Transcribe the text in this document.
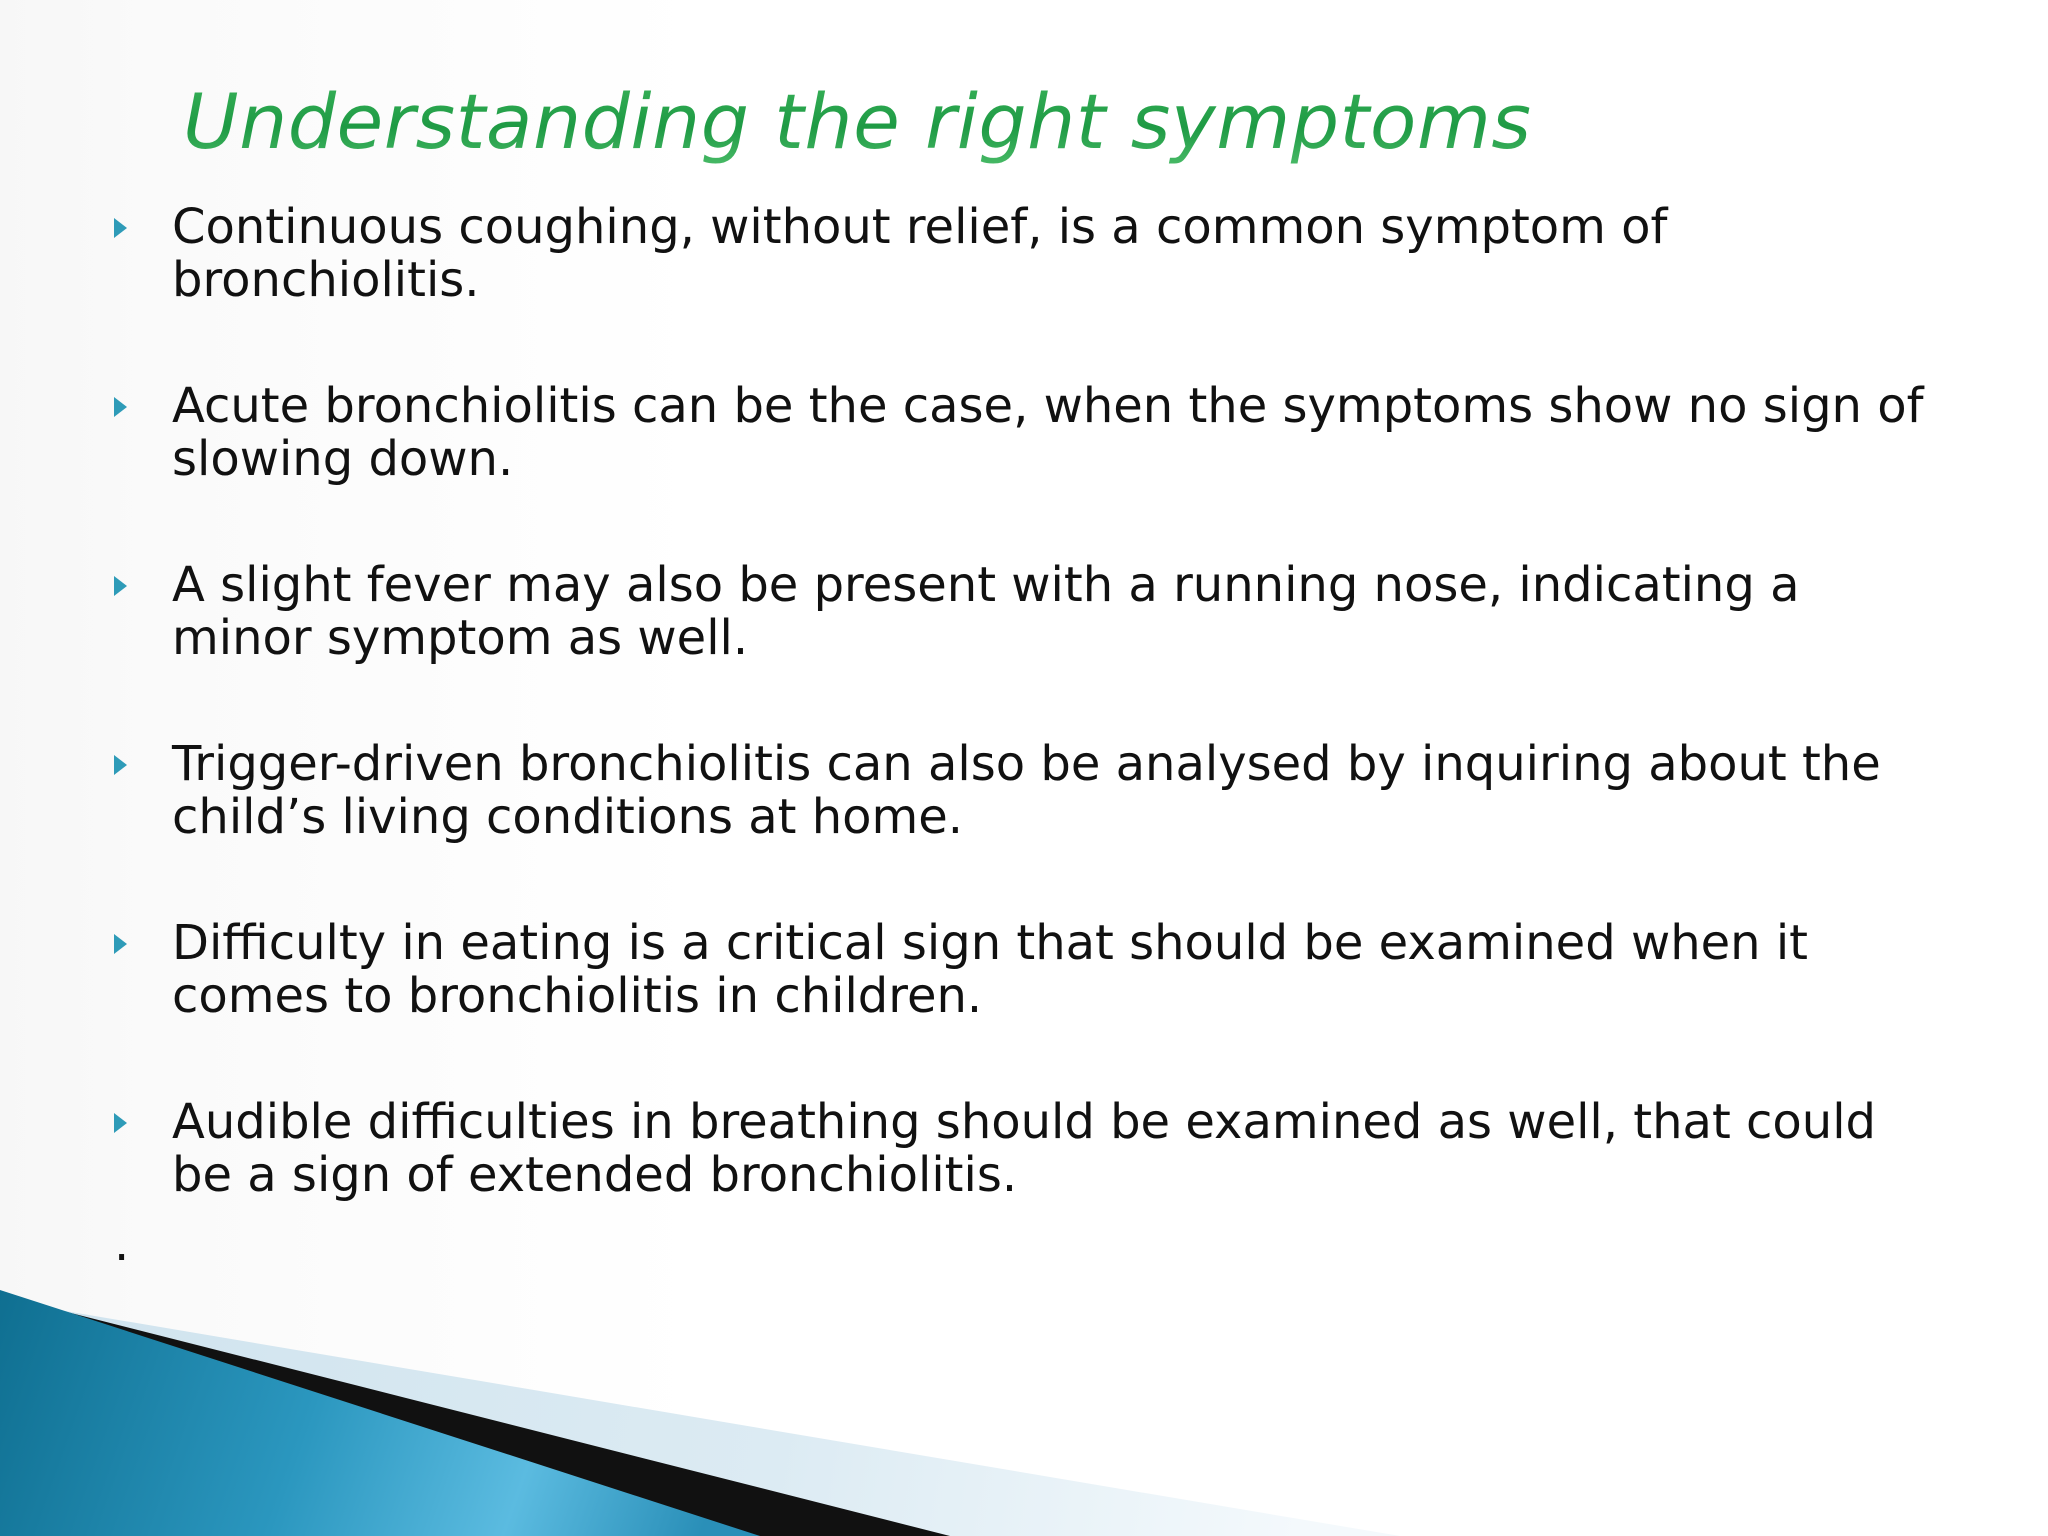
Understanding the right symptoms

Continuous coughing, without relief, is a common symptom of bronchiolitis.

Acute bronchiolitis can be the case, when the symptoms show no sign of slowing down.

A slight fever may also be present with a running nose, indicating a minor symptom as well.

Trigger-driven bronchiolitis can also be analysed by inquiring about the child’s living conditions at home.

Difficulty in eating is a critical sign that should be examined when it comes to bronchiolitis in children.

Audible difficulties in breathing should be examined as well, that could be a sign of extended bronchiolitis.

.
